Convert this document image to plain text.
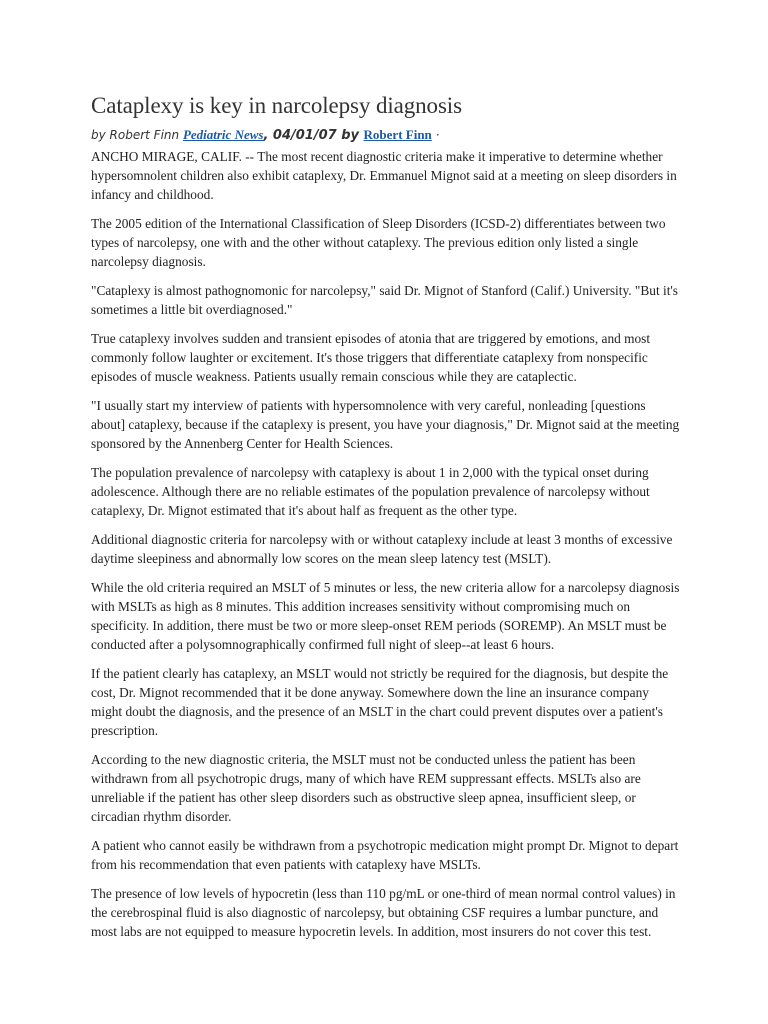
Cataplexy is key in narcolepsy diagnosis
by Robert Finn Pediatric News, 04/01/07 by Robert Finn ·

ANCHO MIRAGE, CALIF. -- The most recent diagnostic criteria make it imperative to determine whether hypersomnolent children also exhibit cataplexy, Dr. Emmanuel Mignot said at a meeting on sleep disorders in infancy and childhood.

The 2005 edition of the International Classification of Sleep Disorders (ICSD-2) differentiates between two types of narcolepsy, one with and the other without cataplexy. The previous edition only listed a single narcolepsy diagnosis.

"Cataplexy is almost pathognomonic for narcolepsy," said Dr. Mignot of Stanford (Calif.) University. "But it's sometimes a little bit overdiagnosed."

True cataplexy involves sudden and transient episodes of atonia that are triggered by emotions, and most commonly follow laughter or excitement. It's those triggers that differentiate cataplexy from nonspecific episodes of muscle weakness. Patients usually remain conscious while they are cataplectic.

"I usually start my interview of patients with hypersomnolence with very careful, nonleading [questions about] cataplexy, because if the cataplexy is present, you have your diagnosis," Dr. Mignot said at the meeting sponsored by the Annenberg Center for Health Sciences.

The population prevalence of narcolepsy with cataplexy is about 1 in 2,000 with the typical onset during adolescence. Although there are no reliable estimates of the population prevalence of narcolepsy without cataplexy, Dr. Mignot estimated that it's about half as frequent as the other type.

Additional diagnostic criteria for narcolepsy with or without cataplexy include at least 3 months of excessive daytime sleepiness and abnormally low scores on the mean sleep latency test (MSLT).

While the old criteria required an MSLT of 5 minutes or less, the new criteria allow for a narcolepsy diagnosis with MSLTs as high as 8 minutes. This addition increases sensitivity without compromising much on specificity. In addition, there must be two or more sleep-onset REM periods (SOREMP). An MSLT must be conducted after a polysomnographically confirmed full night of sleep--at least 6 hours.

If the patient clearly has cataplexy, an MSLT would not strictly be required for the diagnosis, but despite the cost, Dr. Mignot recommended that it be done anyway. Somewhere down the line an insurance company might doubt the diagnosis, and the presence of an MSLT in the chart could prevent disputes over a patient's prescription.

According to the new diagnostic criteria, the MSLT must not be conducted unless the patient has been withdrawn from all psychotropic drugs, many of which have REM suppressant effects. MSLTs also are unreliable if the patient has other sleep disorders such as obstructive sleep apnea, insufficient sleep, or circadian rhythm disorder.

A patient who cannot easily be withdrawn from a psychotropic medication might prompt Dr. Mignot to depart from his recommendation that even patients with cataplexy have MSLTs.

The presence of low levels of hypocretin (less than 110 pg/mL or one-third of mean normal control values) in the cerebrospinal fluid is also diagnostic of narcolepsy, but obtaining CSF requires a lumbar puncture, and most labs are not equipped to measure hypocretin levels. In addition, most insurers do not cover this test.
